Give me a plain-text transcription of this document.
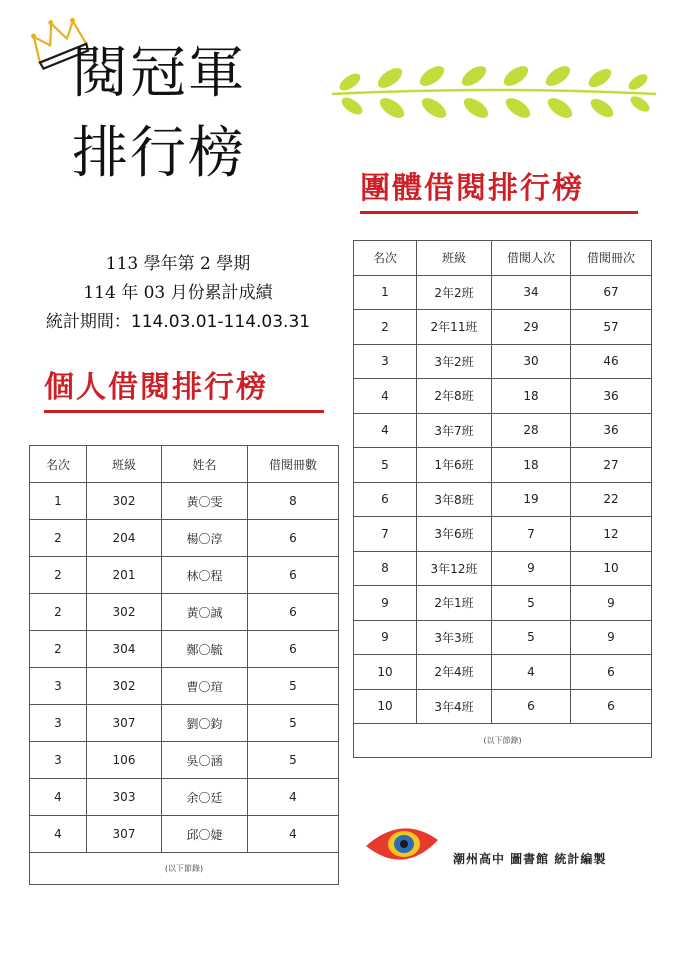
閱冠軍
排行榜
團體借閱排行榜
113 學年第 2 學期
114 年 03 月份累計成績
統計期間：114.03.01-114.03.31
個人借閱排行榜
名次	班級	姓名	借閱冊數
1	302	黃〇雯	8
2	204	楊〇淳	6
2	201	林〇程	6
2	302	黃〇誠	6
2	304	鄭〇毓	6
3	302	曹〇瑄	5
3	307	劉〇鈞	5
3	106	吳〇涵	5
4	303	余〇廷	4
4	307	邱〇婕	4
(以下節錄)			
名次	班級	借閱人次	借閱冊次
1	2年2班	34	67
2	2年11班	29	57
3	3年2班	30	46
4	2年8班	18	36
4	3年7班	28	36
5	1年6班	18	27
6	3年8班	19	22
7	3年6班	7	12
8	3年12班	9	10
9	2年1班	5	9
9	3年3班	5	9
10	2年4班	4	6
10	3年4班	6	6
(以下節錄)			
潮州高中 圖書館 統計編製
